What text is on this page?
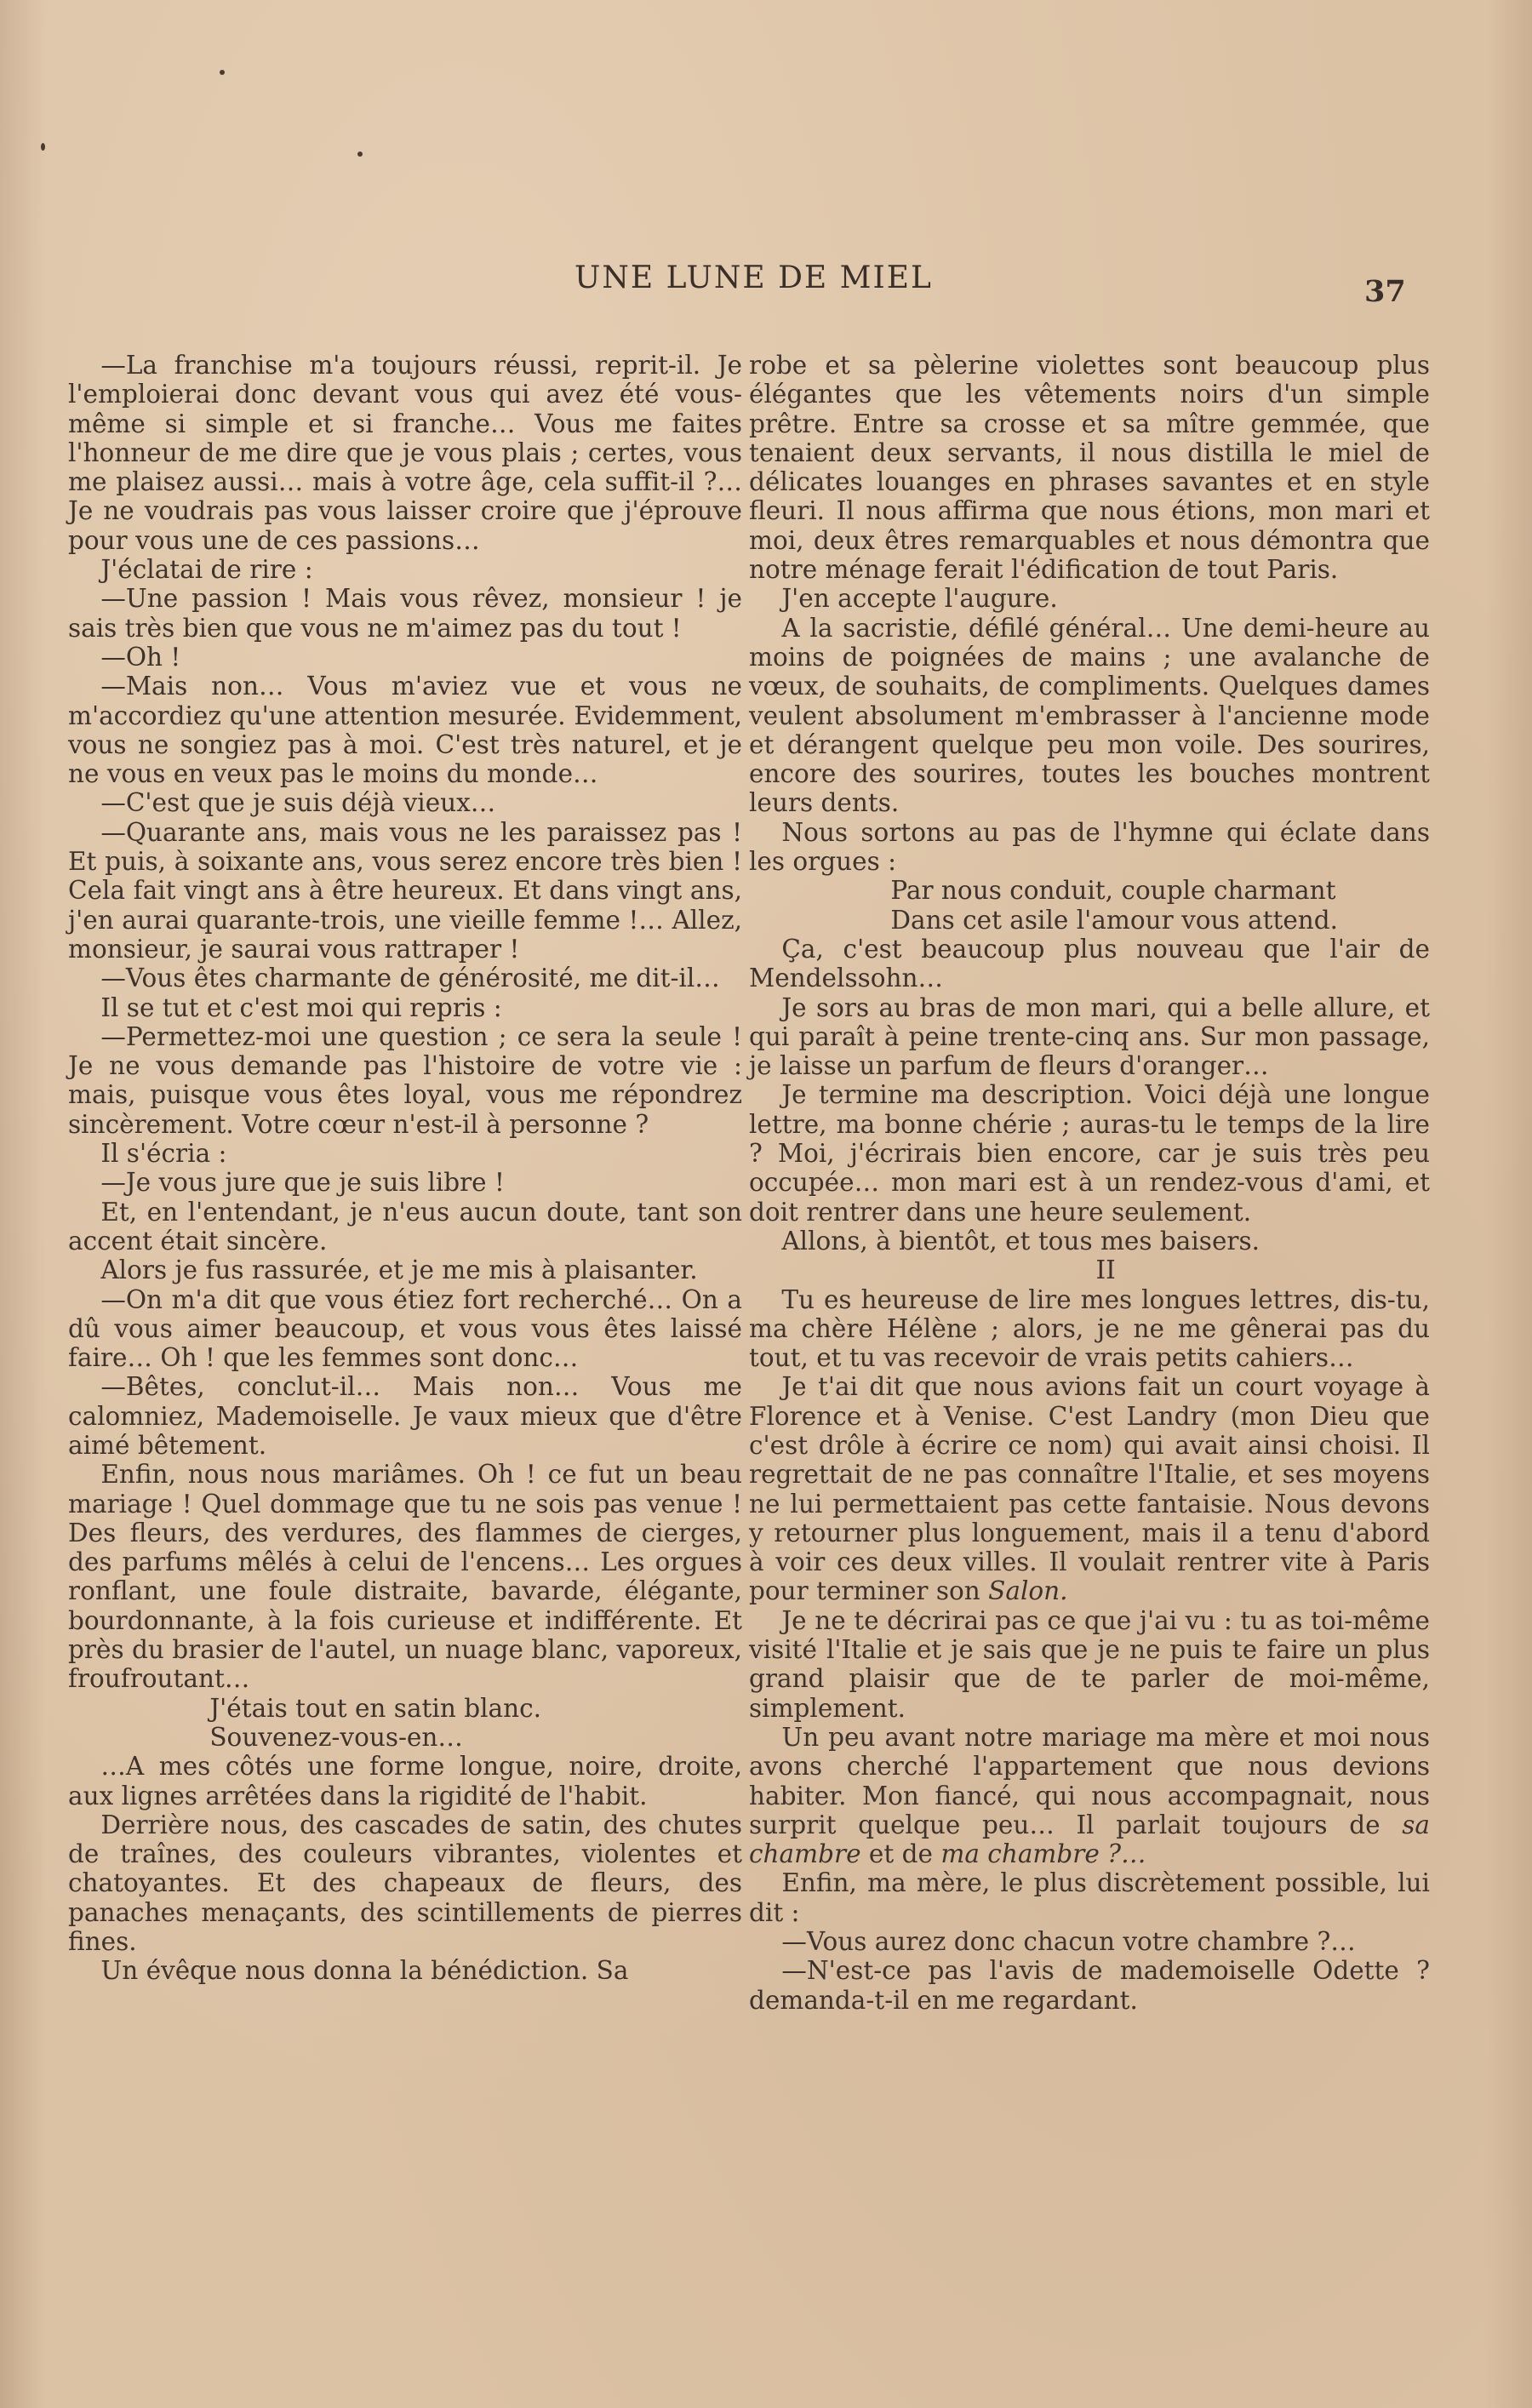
UNE LUNE DE MIEL	37

—La franchise m'a toujours réussi, reprit-il. Je l'emploierai donc devant vous qui avez été vous-même si simple et si franche… Vous me faites l'honneur de me dire que je vous plais ; certes, vous me plaisez aussi… mais à votre âge, cela suffit-il ?… Je ne voudrais pas vous laisser croire que j'éprouve pour vous une de ces passions…

J'éclatai de rire :

—Une passion ! Mais vous rêvez, monsieur ! je sais très bien que vous ne m'aimez pas du tout !

—Oh !

—Mais non… Vous m'aviez vue et vous ne m'accordiez qu'une attention mesurée. Evidemment, vous ne songiez pas à moi. C'est très naturel, et je ne vous en veux pas le moins du monde…

—C'est que je suis déjà vieux…

—Quarante ans, mais vous ne les paraissez pas ! Et puis, à soixante ans, vous serez encore très bien ! Cela fait vingt ans à être heureux. Et dans vingt ans, j'en aurai quarante-trois, une vieille femme !… Allez, monsieur, je saurai vous rattraper !

—Vous êtes charmante de générosité, me dit-il…

Il se tut et c'est moi qui repris :

—Permettez-moi une question ; ce sera la seule ! Je ne vous demande pas l'histoire de votre vie : mais, puisque vous êtes loyal, vous me répondrez sincèrement. Votre cœur n'est-il à personne ?

Il s'écria :

—Je vous jure que je suis libre !

Et, en l'entendant, je n'eus aucun doute, tant son accent était sincère.

Alors je fus rassurée, et je me mis à plaisanter.

—On m'a dit que vous étiez fort recherché… On a dû vous aimer beaucoup, et vous vous êtes laissé faire… Oh ! que les femmes sont donc…

—Bêtes, conclut-il… Mais non… Vous me calomniez, Mademoiselle. Je vaux mieux que d'être aimé bêtement.

Enfin, nous nous mariâmes. Oh ! ce fut un beau mariage ! Quel dommage que tu ne sois pas venue ! Des fleurs, des verdures, des flammes de cierges, des parfums mêlés à celui de l'encens… Les orgues ronflant, une foule distraite, bavarde, élégante, bourdonnante, à la fois curieuse et indifférente. Et près du brasier de l'autel, un nuage blanc, vaporeux, froufroutant…

J'étais tout en satin blanc.

Souvenez-vous-en…

…A mes côtés une forme longue, noire, droite, aux lignes arrêtées dans la rigidité de l'habit.

Derrière nous, des cascades de satin, des chutes de traînes, des couleurs vibrantes, violentes et chatoyantes. Et des chapeaux de fleurs, des panaches menaçants, des scintillements de pierres fines.

Un évêque nous donna la bénédiction. Sa

robe et sa pèlerine violettes sont beaucoup plus élégantes que les vêtements noirs d'un simple prêtre. Entre sa crosse et sa mître gemmée, que tenaient deux servants, il nous distilla le miel de délicates louanges en phrases savantes et en style fleuri. Il nous affirma que nous étions, mon mari et moi, deux êtres remarquables et nous démontra que notre ménage ferait l'édification de tout Paris.

J'en accepte l'augure.

A la sacristie, défilé général… Une demi-heure au moins de poignées de mains ; une avalanche de vœux, de souhaits, de compliments. Quelques dames veulent absolument m'embrasser à l'ancienne mode et dérangent quelque peu mon voile. Des sourires, encore des sourires, toutes les bouches montrent leurs dents.

Nous sortons au pas de l'hymne qui éclate dans les orgues :

Par nous conduit, couple charmant

Dans cet asile l'amour vous attend.

Ça, c'est beaucoup plus nouveau que l'air de Mendelssohn…

Je sors au bras de mon mari, qui a belle allure, et qui paraît à peine trente-cinq ans. Sur mon passage, je laisse un parfum de fleurs d'oranger…

Je termine ma description. Voici déjà une longue lettre, ma bonne chérie ; auras-tu le temps de la lire ? Moi, j'écrirais bien encore, car je suis très peu occupée… mon mari est à un rendez-vous d'ami, et doit rentrer dans une heure seulement.

Allons, à bientôt, et tous mes baisers.

II

Tu es heureuse de lire mes longues lettres, dis-tu, ma chère Hélène ; alors, je ne me gênerai pas du tout, et tu vas recevoir de vrais petits cahiers…

Je t'ai dit que nous avions fait un court voyage à Florence et à Venise. C'est Landry (mon Dieu que c'est drôle à écrire ce nom) qui avait ainsi choisi. Il regrettait de ne pas connaître l'Italie, et ses moyens ne lui permettaient pas cette fantaisie. Nous devons y retourner plus longuement, mais il a tenu d'abord à voir ces deux villes. Il voulait rentrer vite à Paris pour terminer son Salon.

Je ne te décrirai pas ce que j'ai vu : tu as toi-même visité l'Italie et je sais que je ne puis te faire un plus grand plaisir que de te parler de moi-même, simplement.

Un peu avant notre mariage ma mère et moi nous avons cherché l'appartement que nous devions habiter. Mon fiancé, qui nous accompagnait, nous surprit quelque peu… Il parlait toujours de sa chambre et de ma chambre ?…

Enfin, ma mère, le plus discrètement possible, lui dit :

—Vous aurez donc chacun votre chambre ?…

—N'est-ce pas l'avis de mademoiselle Odette ? demanda-t-il en me regardant.
